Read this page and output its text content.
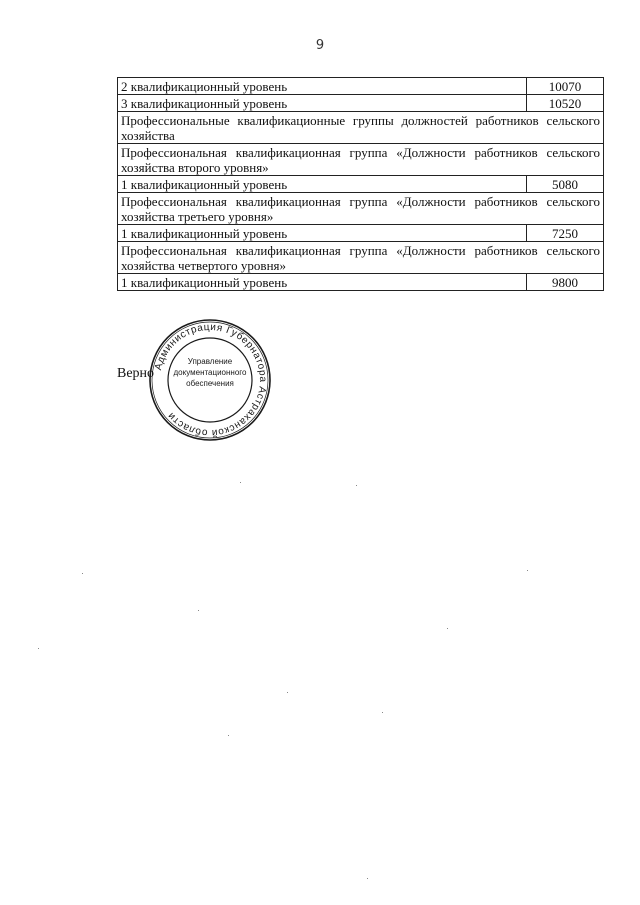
9
2 квалификационный уровень	10070
3 квалификационный уровень	10520
Профессиональные квалификационные группы должностей работников сельского хозяйства	
Профессиональная квалификационная группа «Должности работников сельского хозяйства второго уровня»	
1 квалификационный уровень	5080
Профессиональная квалификационная группа «Должности работников сельского хозяйства третьего уровня»	
1 квалификационный уровень	7250
Профессиональная квалификационная группа «Должности работников сельского хозяйства четвертого уровня»	
1 квалификационный уровень	9800
Верно
Администрация Губернатора Астраханской области
Управление
документационного
обеспечения
